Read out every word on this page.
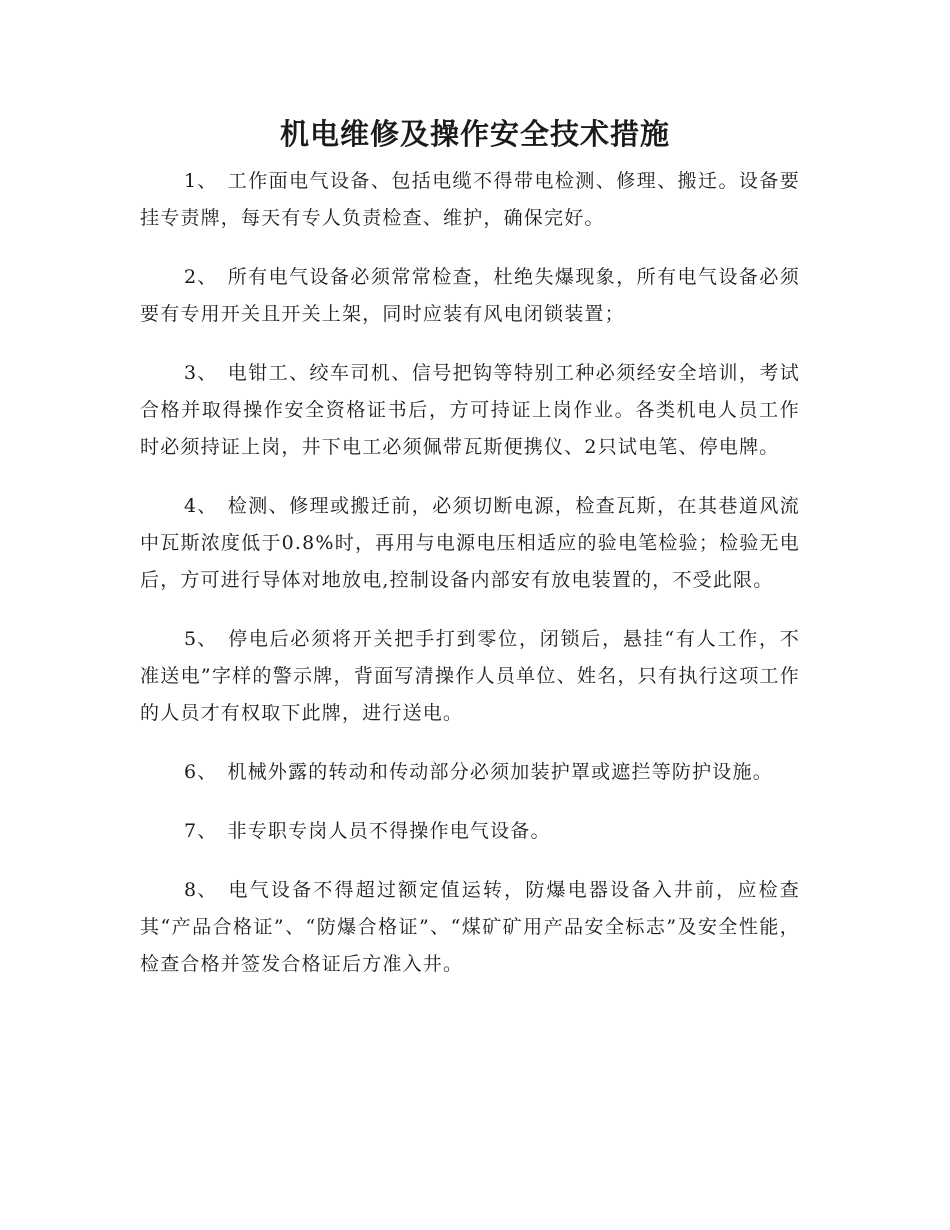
机电维修及操作安全技术措施

1、 工作面电气设备、包括电缆不得带电检测、修理、搬迁。设备要挂专责牌，每天有专人负责检查、维护，确保完好。

2、 所有电气设备必须常常检查，杜绝失爆现象，所有电气设备必须要有专用开关且开关上架，同时应装有风电闭锁装置；

3、 电钳工、绞车司机、信号把钩等特别工种必须经安全培训，考试合格并取得操作安全资格证书后，方可持证上岗作业。各类机电人员工作时必须持证上岗，井下电工必须佩带瓦斯便携仪、2只试电笔、停电牌。

4、 检测、修理或搬迁前，必须切断电源，检查瓦斯，在其巷道风流中瓦斯浓度低于0.8%时，再用与电源电压相适应的验电笔检验；检验无电后，方可进行导体对地放电,控制设备内部安有放电装置的，不受此限。

5、 停电后必须将开关把手打到零位，闭锁后，悬挂“有人工作，不准送电”字样的警示牌，背面写清操作人员单位、姓名，只有执行这项工作的人员才有权取下此牌，进行送电。

6、 机械外露的转动和传动部分必须加装护罩或遮拦等防护设施。

7、 非专职专岗人员不得操作电气设备。

8、 电气设备不得超过额定值运转，防爆电器设备入井前，应检查其“产品合格证”、“防爆合格证”、“煤矿矿用产品安全标志”及安全性能，检查合格并签发合格证后方准入井。
